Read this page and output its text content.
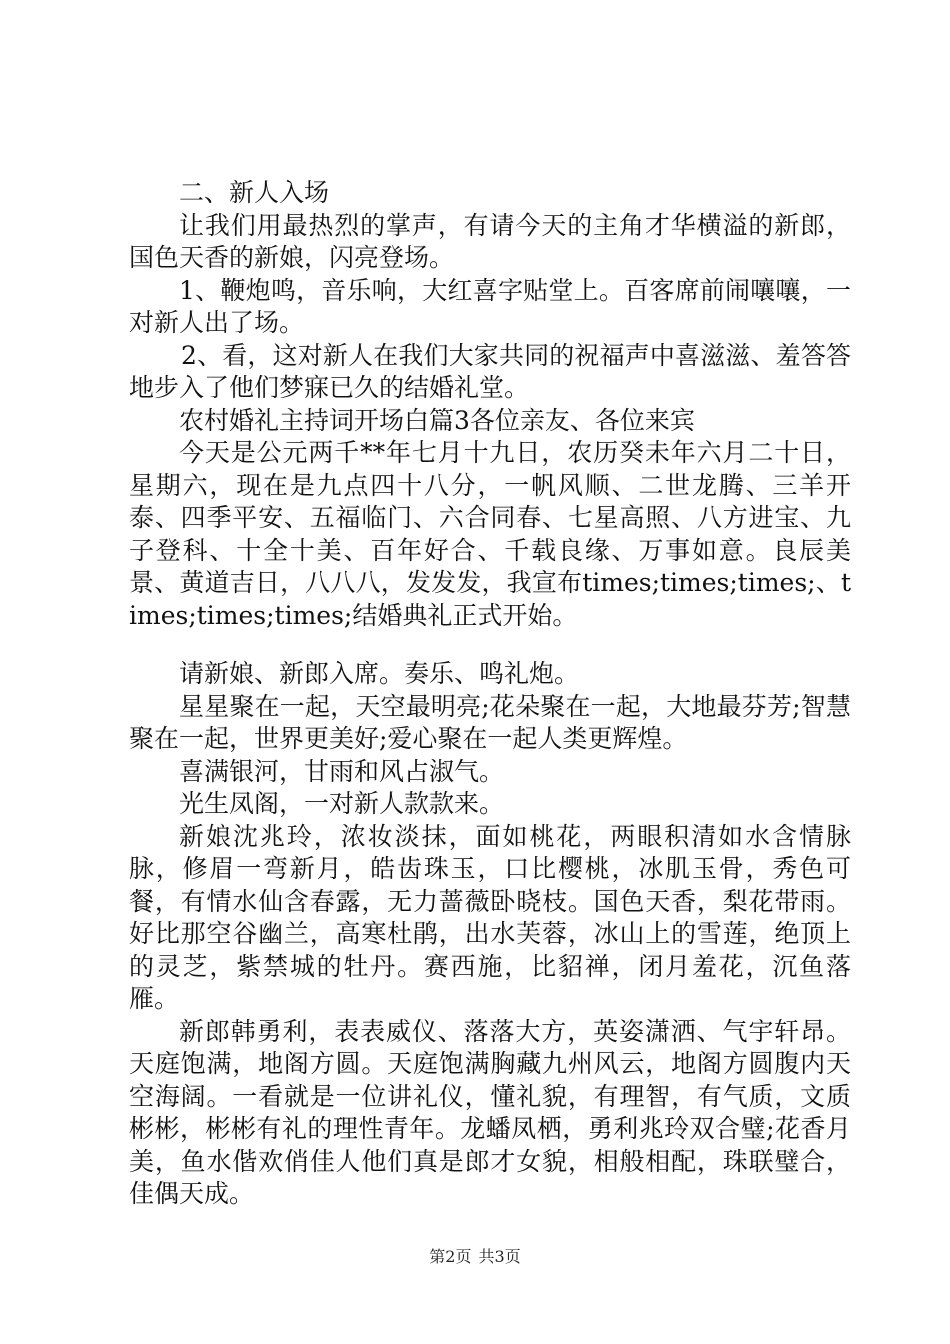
二、新人入场

让我们用最热烈的掌声，有请今天的主角才华横溢的新郎，国色天香的新娘，闪亮登场。

1、鞭炮鸣，音乐响，大红喜字贴堂上。百客席前闹嚷嚷，一对新人出了场。

2、看，这对新人在我们大家共同的祝福声中喜滋滋、羞答答地步入了他们梦寐已久的结婚礼堂。

农村婚礼主持词开场白篇3各位亲友、各位来宾

今天是公元两千**年七月十九日，农历癸未年六月二十日，星期六，现在是九点四十八分，一帆风顺、二世龙腾、三羊开泰、四季平安、五福临门、六合同春、七星高照、八方进宝、九子登科、十全十美、百年好合、千载良缘、万事如意。良辰美景、黄道吉日，八八八，发发发，我宣布times;times;times;、times;times;times;结婚典礼正式开始。

请新娘、新郎入席。奏乐、鸣礼炮。

星星聚在一起，天空最明亮;花朵聚在一起，大地最芬芳;智慧聚在一起，世界更美好;爱心聚在一起人类更辉煌。

喜满银河，甘雨和风占淑气。

光生凤阁，一对新人款款来。

新娘沈兆玲，浓妆淡抹，面如桃花，两眼积清如水含情脉脉，修眉一弯新月，皓齿珠玉，口比樱桃，冰肌玉骨，秀色可餐，有情水仙含春露，无力蔷薇卧晓枝。国色天香，梨花带雨。好比那空谷幽兰，高寒杜鹃，出水芙蓉，冰山上的雪莲，绝顶上的灵芝，紫禁城的牡丹。赛西施，比貂禅，闭月羞花，沉鱼落雁。

新郎韩勇利，表表威仪、落落大方，英姿潇洒、气宇轩昂。天庭饱满，地阁方圆。天庭饱满胸藏九州风云，地阁方圆腹内天空海阔。一看就是一位讲礼仪，懂礼貌，有理智，有气质，文质彬彬，彬彬有礼的理性青年。龙蟠凤栖，勇利兆玲双合璧;花香月美，鱼水偕欢俏佳人他们真是郎才女貌，相般相配，珠联璧合，佳偶天成。

第2页 共3页
